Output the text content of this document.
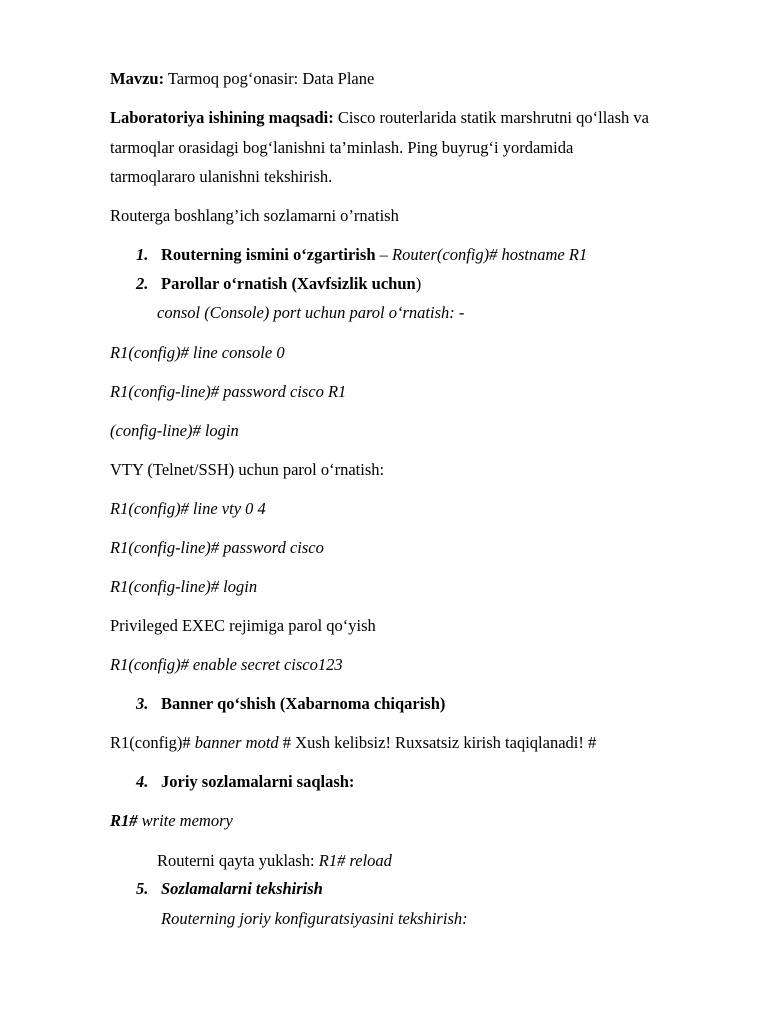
Mavzu: Tarmoq pog‘onasir: Data Plane
Laboratoriya ishining maqsadi: Cisco routerlarida statik marshrutni qo‘llash va
tarmoqlar orasidagi bog‘lanishni ta’minlash. Ping buyrug‘i yordamida
tarmoqlararo ulanishni tekshirish.
Routerga boshlang’ich sozlamarni o’rnatish
1. Routerning ismini o‘zgartirish – Router(config)# hostname R1
2. Parollar o‘rnatish (Xavfsizlik uchun)
consol (Console) port uchun parol o‘rnatish: -
R1(config)# line console 0
R1(config-line)# password cisco R1
(config-line)# login
VTY (Telnet/SSH) uchun parol o‘rnatish:
R1(config)# line vty 0 4
R1(config-line)# password cisco
R1(config-line)# login
Privileged EXEC rejimiga parol qo‘yish
R1(config)# enable secret cisco123
3. Banner qo‘shish (Xabarnoma chiqarish)
R1(config)# banner motd # Xush kelibsiz! Ruxsatsiz kirish taqiqlanadi! #
4. Joriy sozlamalarni saqlash:
R1# write memory
Routerni qayta yuklash: R1# reload
5. Sozlamalarni tekshirish
Routerning joriy konfiguratsiyasini tekshirish:
